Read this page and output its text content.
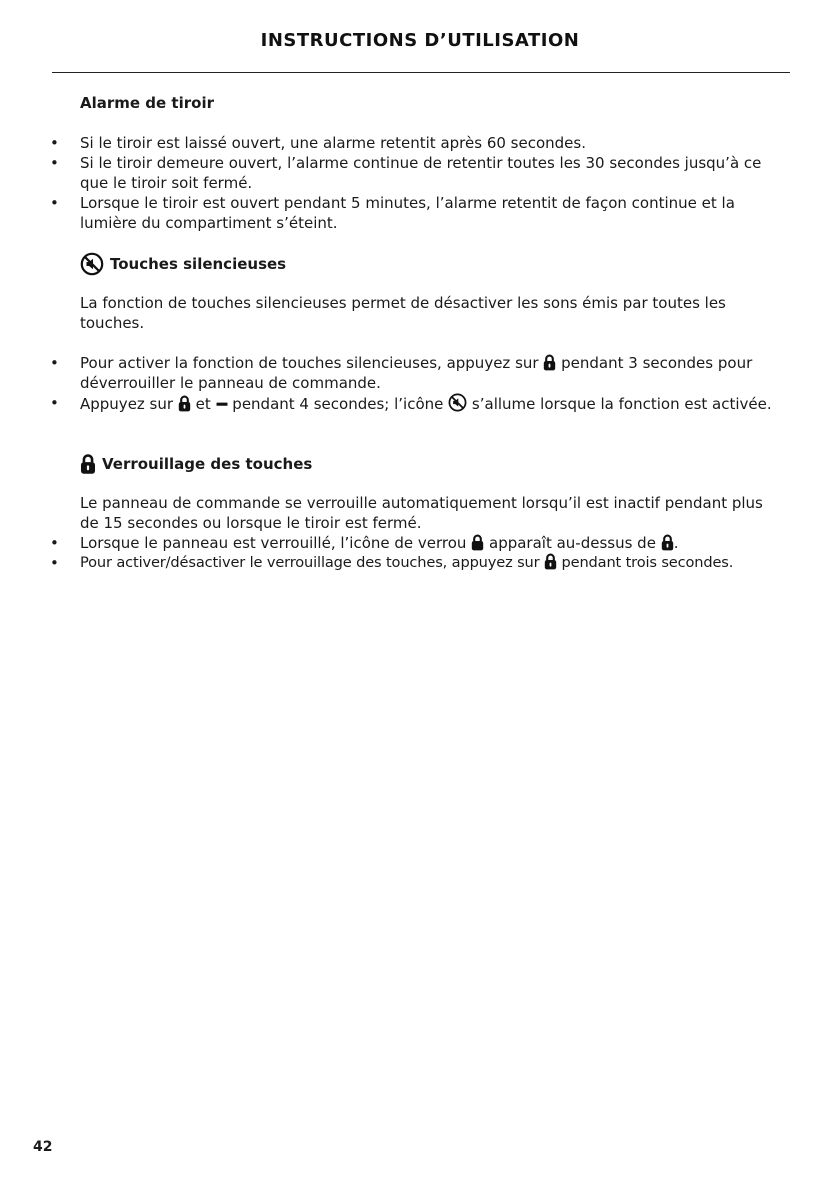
INSTRUCTIONS D’UTILISATION
Alarme de tiroir
• Si le tiroir est laissé ouvert, une alarme retentit après 60 secondes.
• Si le tiroir demeure ouvert, l’alarme continue de retentir toutes les 30 secondes jusqu’à ce que le tiroir soit fermé.
• Lorsque le tiroir est ouvert pendant 5 minutes, l’alarme retentit de façon continue et la lumière du compartiment s’éteint.
Touches silencieuses
La fonction de touches silencieuses permet de désactiver les sons émis par toutes les touches.
• Pour activer la fonction de touches silencieuses, appuyez sur pendant 3 secondes pour déverrouiller le panneau de commande.
• Appuyez sur et pendant 4 secondes; l’icône s’allume lorsque la fonction est activée.
Verrouillage des touches
Le panneau de commande se verrouille automatiquement lorsqu’il est inactif pendant plus de 15 secondes ou lorsque le tiroir est fermé.
• Lorsque le panneau est verrouillé, l’icône de verrou apparaît au-dessus de .
• Pour activer/désactiver le verrouillage des touches, appuyez sur pendant trois secondes.
42
